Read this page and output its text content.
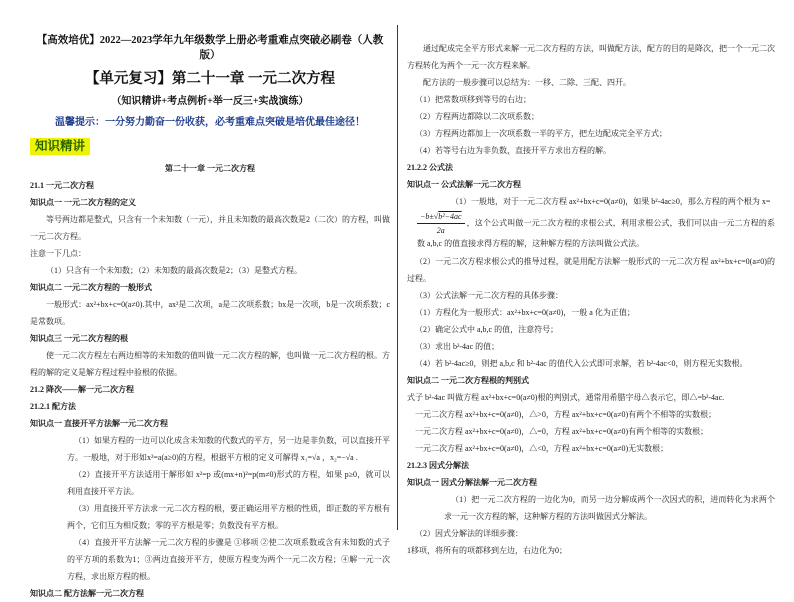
【高效培优】2022—2023学年九年级数学上册必考重难点突破必刷卷（人教版）
【单元复习】第二十一章 一元二次方程
（知识精讲+考点例析+举一反三+实战演练）
温馨提示：一分努力勤奋一份收获，必考重难点突破是培优最佳途径！
知识精讲
第二十一章 一元二次方程
21.1 一元二次方程
知识点一 一元二次方程的定义
等号两边都是整式，只含有一个未知数（一元），并且未知数的最高次数是2（二次）的方程，叫做一元二次方程。
注意一下几点：
（1）只含有一个未知数；（2）未知数的最高次数是2；（3）是整式方程。
知识点二 一元二次方程的一般形式
一般形式：ax²+bx+c=0(a≠0).其中，ax²是二次项，a是二次项系数；bx是一次项，b是一次项系数；c是常数项。
知识点三 一元二次方程的根
使一元二次方程左右两边相等的未知数的值叫做一元二次方程的解，也叫做一元二次方程的根。方程的解的定义是解方程过程中验根的依据。
21.2 降次——解一元二次方程
21.2.1 配方法
知识点一 直接开平方法解一元二次方程
（1）如果方程的一边可以化成含未知数的代数式的平方，另一边是非负数，可以直接开平方。一般地，对于形如x²=a(a≥0)的方程，根据平方根的定义可解得 x₁=√a ，x₂=−√a .
（2）直接开平方法适用于解形如 x²=p 或(mx+n)²=p(m≠0)形式的方程，如果 p≥0，就可以利用直接开平方法。
（3）用直接开平方法求一元二次方程的根，要正确运用平方根的性质，即正数的平方根有两个，它们互为相反数；零的平方根是零；负数没有平方根。
（4）直接开平方法解一元二次方程的步骤是 ①移项 ②使二次项系数或含有未知数的式子的平方项的系数为1；③两边直接开平方，使原方程变为两个一元二次方程；④解一元一次方程，求出原方程的根。
知识点二 配方法解一元二次方程
通过配成完全平方形式来解一元二次方程的方法，叫做配方法，配方的目的是降次，把一个一元二次方程转化为两个一元一次方程来解。
配方法的一般步骤可以总结为：一移、二除、三配、四开。
（1）把常数项移到等号的右边；
（2）方程两边都除以二次项系数；
（3）方程两边都加上一次项系数一半的平方，把左边配成完全平方式；
（4）若等号右边为非负数，直接开平方求出方程的解。
21.2.2 公式法
知识点一 公式法解一元二次方程
（1）一般地，对于一元二次方程 ax²+bx+c=0(a≠0)，如果 b²-4ac≥0，那么方程的两个根为 x=
$\frac{\text{−b±√b²−4ac}}{2a}$ ，这个公式叫做一元二次方程的求根公式，利用求根公式，我们可以由一元二方程的系数 a,b,c 的值直接求得方程的解，这种解方程的方法叫做公式法。
（2）一元二次方程求根公式的推导过程，就是用配方法解一般形式的一元二次方程 ax²+bx+c=0(a≠0)的过程。
（3）公式法解一元二次方程的具体步骤：
（1）方程化为一般形式：ax²+bx+c=0(a≠0)，一般 a 化为正值；
（2）确定公式中 a,b,c 的值，注意符号；
（3）求出 b²-4ac 的值；
（4）若 b²-4ac≥0，则把 a,b,c 和 b²-4ac 的值代入公式即可求解，若 b²-4ac<0，则方程无实数根。
知识点二 一元二次方程根的判别式
式子 b²-4ac 叫做方程 ax²+bx+c=0(a≠0)根的判别式，通常用希腊字母△表示它，即△=b²-4ac.
一元二次方程 ax²+bx+c=0(a≠0)，△>0，方程 ax²+bx+c=0(a≠0)有两个不相等的实数根；
一元二次方程 ax²+bx+c=0(a≠0)，△=0，方程 ax²+bx+c=0(a≠0)有两个相等的实数根；
一元二次方程 ax²+bx+c=0(a≠0)，△<0，方程 ax²+bx+c=0(a≠0)无实数根；
21.2.3 因式分解法
知识点一 因式分解法解一元二次方程
（1）把一元二次方程的一边化为0，而另一边分解成两个一次因式的积，进而转化为求两个求一元一次方程的解，这种解方程的方法叫做因式分解法。
（2）因式分解法的详细步骤：
1移项，将所有的项都移到左边，右边化为0；
